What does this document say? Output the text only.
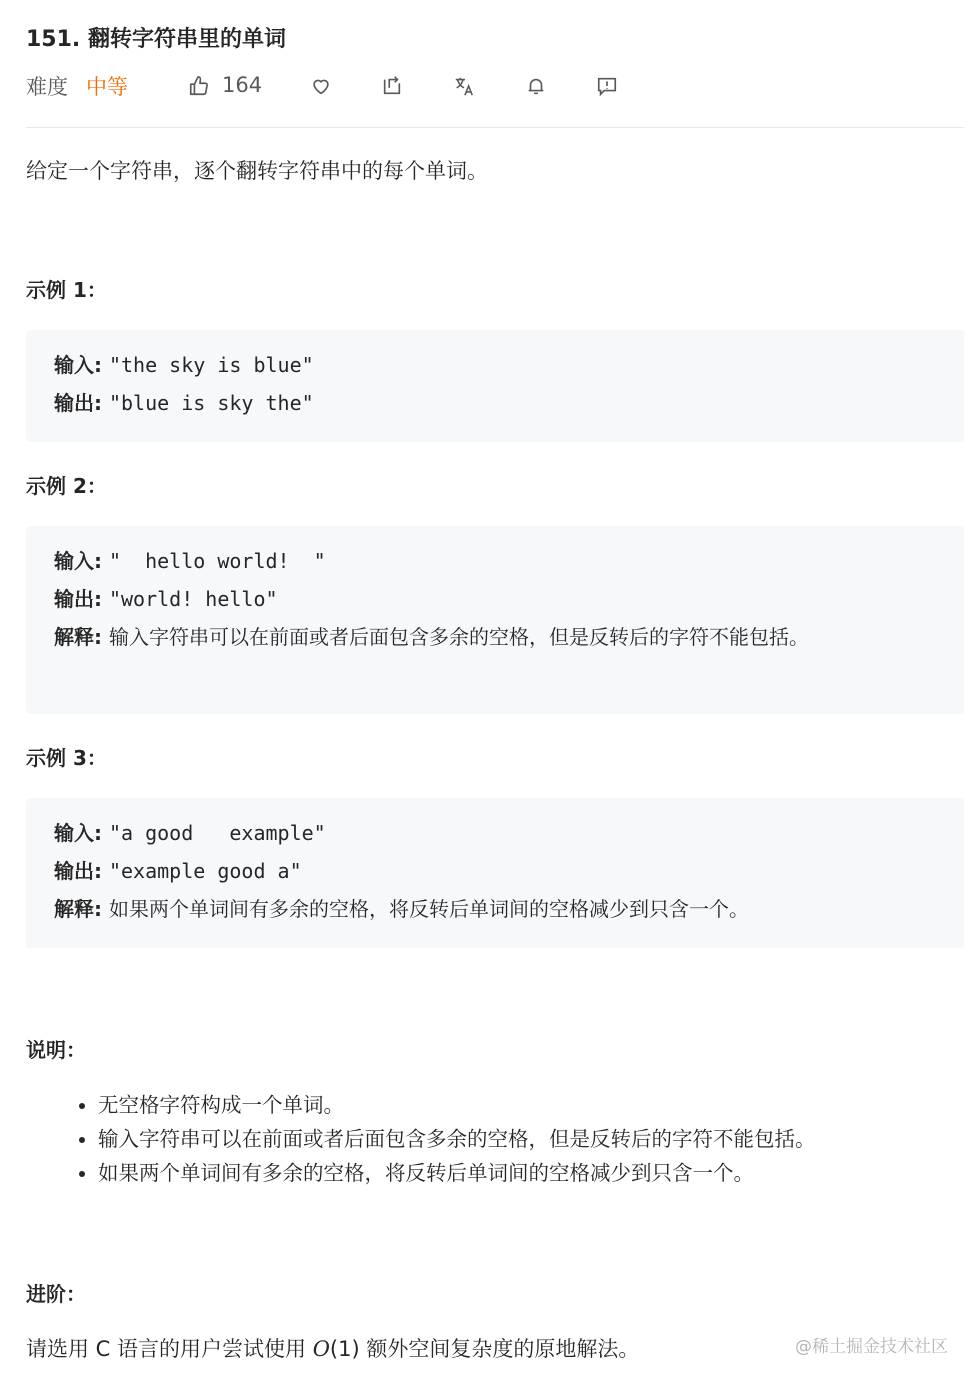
151. 翻转字符串里的单词
难度 中等	164
给定一个字符串，逐个翻转字符串中的每个单词。
示例 1：
输入: "the sky is blue"
输出: "blue is sky the"
示例 2：
输入: "  hello world!  "
输出: "world! hello"
解释: 输入字符串可以在前面或者后面包含多余的空格，但是反转后的字符不能包括。
示例 3：
输入: "a good   example"
输出: "example good a"
解释: 如果两个单词间有多余的空格，将反转后单词间的空格减少到只含一个。
说明：
• 无空格字符构成一个单词。
• 输入字符串可以在前面或者后面包含多余的空格，但是反转后的字符不能包括。
• 如果两个单词间有多余的空格，将反转后单词间的空格减少到只含一个。
进阶：
请选用 C 语言的用户尝试使用 O(1) 额外空间复杂度的原地解法。	@稀土掘金技术社区
